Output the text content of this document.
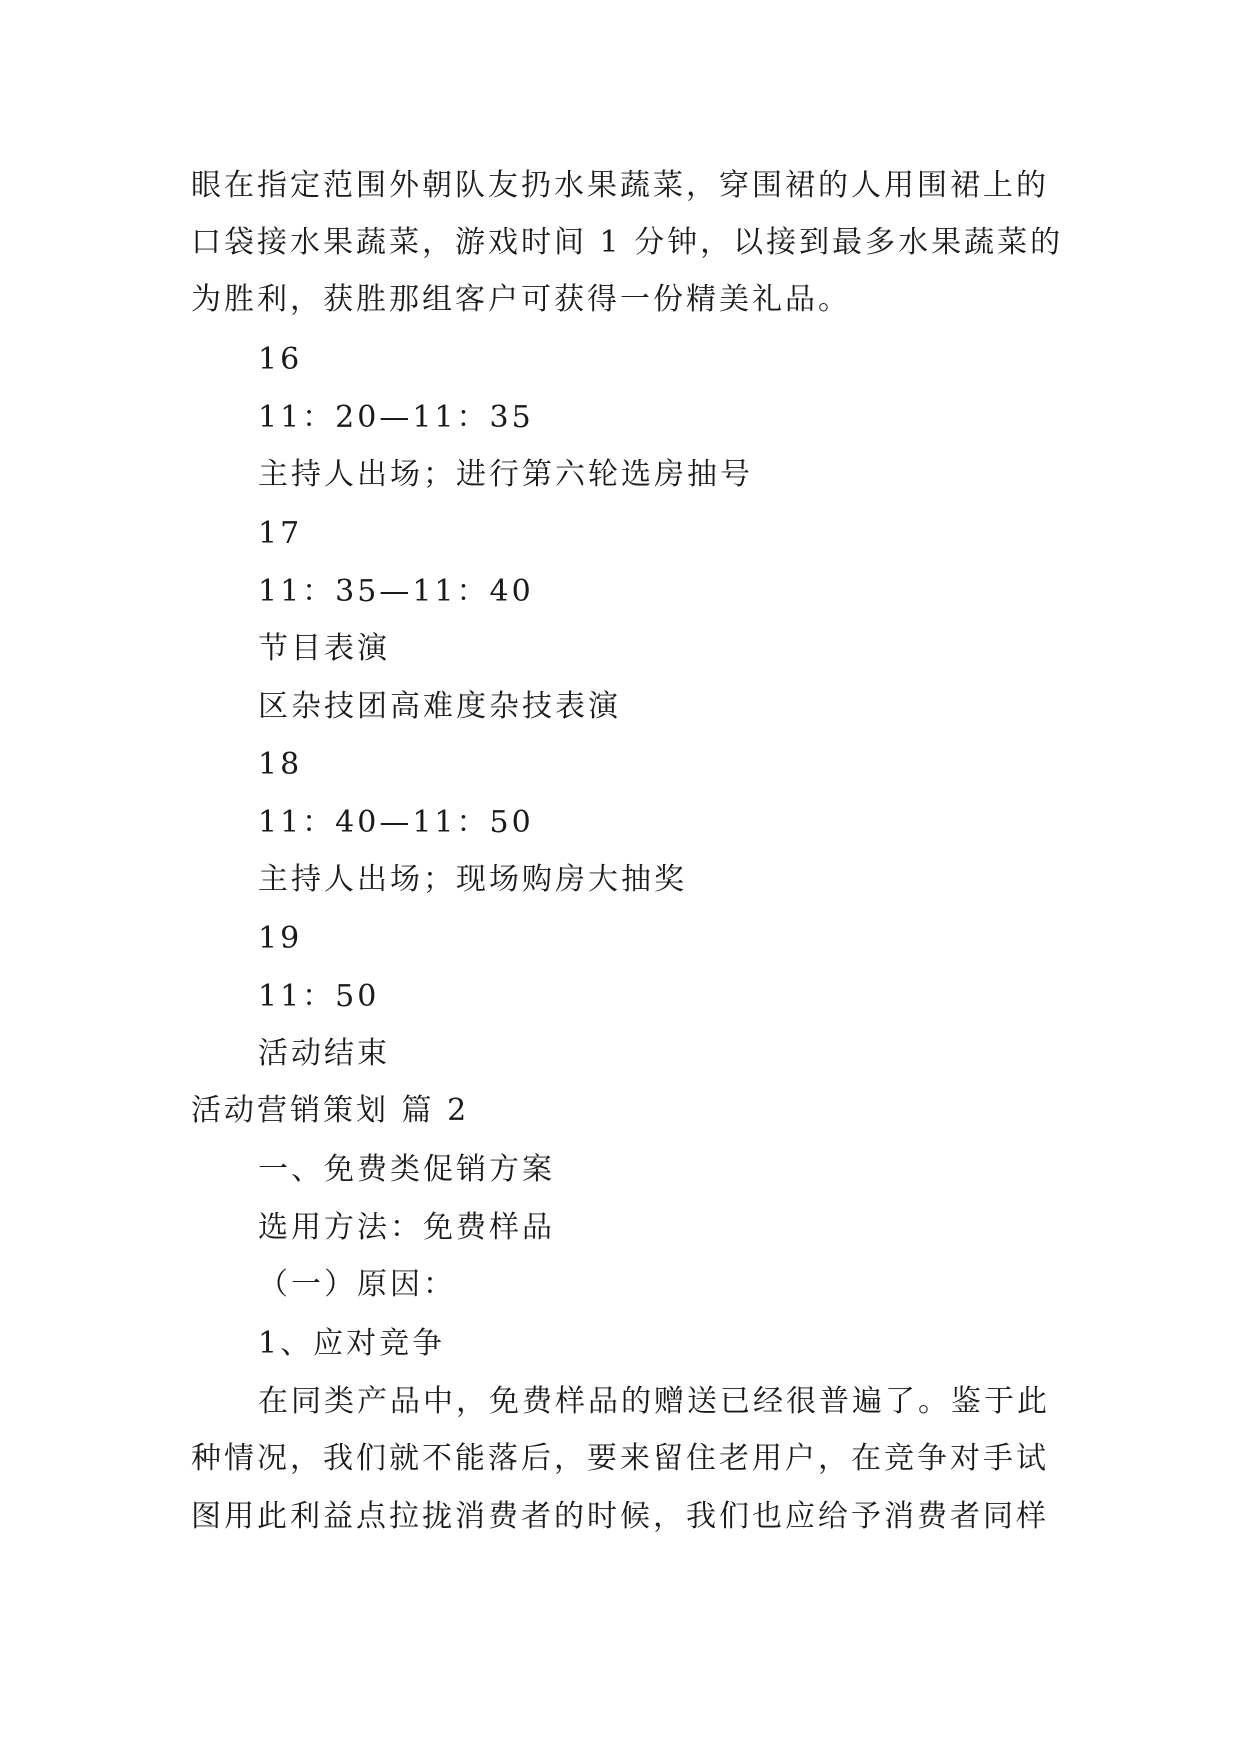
眼在指定范围外朝队友扔水果蔬菜，穿围裙的人用围裙上的
口袋接水果蔬菜，游戏时间 1 分钟，以接到最多水果蔬菜的
为胜利，获胜那组客户可获得一份精美礼品。
16
11：20—11：35
主持人出场；进行第六轮选房抽号
17
11：35—11：40
节目表演
区杂技团高难度杂技表演
18
11：40—11：50
主持人出场；现场购房大抽奖
19
11：50
活动结束
活动营销策划 篇 2
一、免费类促销方案
选用方法：免费样品
（一）原因：
1、应对竞争
在同类产品中，免费样品的赠送已经很普遍了。鉴于此
种情况，我们就不能落后，要来留住老用户，在竞争对手试
图用此利益点拉拢消费者的时候，我们也应给予消费者同样
